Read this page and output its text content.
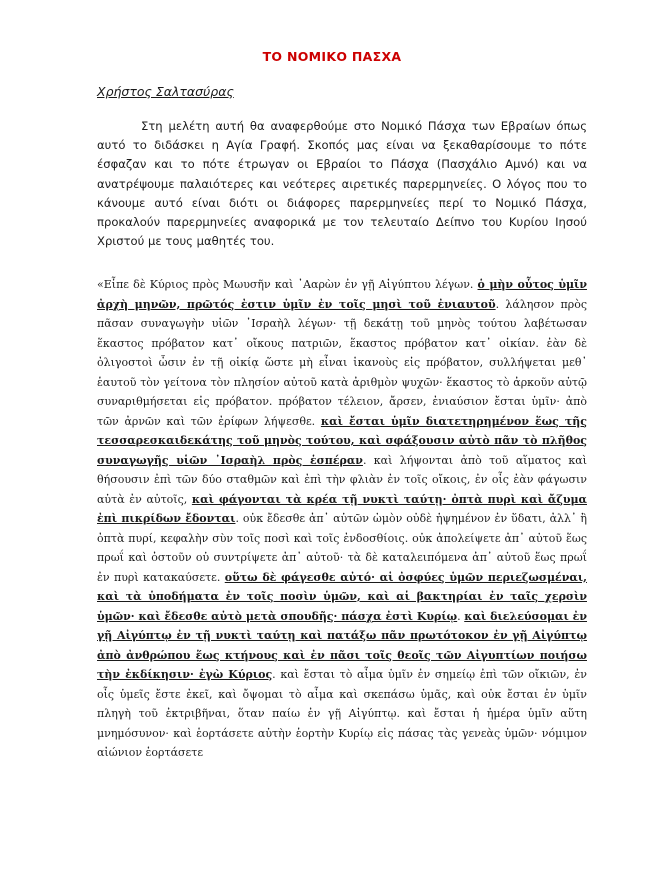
ΤΟ ΝΟΜΙΚΟ ΠΑΣΧΑ
Χρήστος Σαλτασύρας

Στη μελέτη αυτή θα αναφερθούμε στο Νομικό Πάσχα των Εβραίων όπως αυτό το διδάσκει η Αγία Γραφή. Σκοπός μας είναι να ξεκαθαρίσουμε το πότε έσφαζαν και το πότε έτρωγαν οι Εβραίοι το Πάσχα (Πασχάλιο Αμνό) και να ανατρέψουμε παλαιότερες και νεότερες αιρετικές παρερμηνείες. Ο λόγος που το κάνουμε αυτό είναι διότι οι διάφορες παρερμηνείες περί το Νομικό Πάσχα, προκαλούν παρερμηνείες αναφορικά με τον τελευταίο Δείπνο του Κυρίου Ιησού Χριστού με τους μαθητές του.

«Εἶπε δὲ Κύριος πρὸς Μωυσῆν καὶ ᾿Ααρὼν ἐν γῇ Αἰγύπτου λέγων. ὁ μὴν οὗτος ὑμῖν ἀρχὴ μηνῶν, πρῶτός ἐστιν ὑμῖν ἐν τοῖς μησὶ τοῦ ἐνιαυτοῦ. λάλησον πρὸς πᾶσαν συναγωγὴν υἱῶν ᾿Ισραὴλ λέγων· τῇ δεκάτῃ τοῦ μηνὸς τούτου λαβέτωσαν ἕκαστος πρόβατον κατ᾿ οἴκους πατριῶν, ἕκαστος πρόβατον κατ᾿ οἰκίαν. ἐὰν δὲ ὀλιγοστοὶ ὦσιν ἐν τῇ οἰκίᾳ ὥστε μὴ εἶναι ἱκανοὺς εἰς πρόβατον, συλλήψεται μεθ᾿ ἑαυτοῦ τὸν γείτονα τὸν πλησίον αὐτοῦ κατὰ ἀριθμὸν ψυχῶν· ἕκαστος τὸ ἀρκοῦν αὐτῷ συναριθμήσεται εἰς πρόβατον. πρόβατον τέλειον, ἄρσεν, ἐνιαύσιον ἔσται ὑμῖν· ἀπὸ τῶν ἀρνῶν καὶ τῶν ἐρίφων λήψεσθε. καὶ ἔσται ὑμῖν διατετηρημένον ἕως τῆς τεσσαρεσκαιδεκάτης τοῦ μηνὸς τούτου, καὶ σφάξουσιν αὐτὸ πᾶν τὸ πλῆθος συναγωγῆς υἱῶν ᾿Ισραὴλ πρὸς ἑσπέραν. καὶ λήψονται ἀπὸ τοῦ αἵματος καὶ θήσουσιν ἐπὶ τῶν δύο σταθμῶν καὶ ἐπὶ τὴν φλιὰν ἐν τοῖς οἴκοις, ἐν οἷς ἐὰν φάγωσιν αὐτὰ ἐν αὐτοῖς, καὶ φάγονται τὰ κρέα τῇ νυκτὶ ταύτῃ· ὀπτὰ πυρὶ καὶ ἄζυμα ἐπὶ πικρίδων ἔδονται. οὐκ ἔδεσθε ἀπ᾿ αὐτῶν ὠμὸν οὐδὲ ἡψημένον ἐν ὕδατι, ἀλλ᾿ ἢ ὀπτὰ πυρί, κεφαλὴν σὺν τοῖς ποσὶ καὶ τοῖς ἐνδοσθίοις. οὐκ ἀπολείψετε ἀπ᾿ αὐτοῦ ἕως πρωΐ καὶ ὀστοῦν οὐ συντρίψετε ἀπ᾿ αὐτοῦ· τὰ δὲ καταλειπόμενα ἀπ᾿ αὐτοῦ ἕως πρωΐ ἐν πυρὶ κατακαύσετε. οὕτω δὲ φάγεσθε αὐτό· αἱ ὀσφύες ὑμῶν περιεζωσμέναι, καὶ τὰ ὑποδήματα ἐν τοῖς ποσὶν ὑμῶν, καὶ αἱ βακτηρίαι ἐν ταῖς χερσὶν ὑμῶν· καὶ ἔδεσθε αὐτὸ μετὰ σπουδῆς· πάσχα ἐστὶ Κυρίῳ. καὶ διελεύσομαι ἐν γῇ Αἰγύπτῳ ἐν τῇ νυκτὶ ταύτῃ καὶ πατάξω πᾶν πρωτότοκον ἐν γῇ Αἰγύπτῳ ἀπὸ ἀνθρώπου ἕως κτήνους καὶ ἐν πᾶσι τοῖς θεοῖς τῶν Αἰγυπτίων ποιήσω τὴν ἐκδίκησιν· ἐγὼ Κύριος. καὶ ἔσται τὸ αἷμα ὑμῖν ἐν σημείῳ ἐπὶ τῶν οἴκιῶν, ἐν οἷς ὑμεῖς ἔστε ἐκεῖ, καὶ ὄψομαι τὸ αἷμα καὶ σκεπάσω ὑμᾶς, καὶ οὐκ ἔσται ἐν ὑμῖν πληγὴ τοῦ ἐκτριβῆναι, ὅταν παίω ἐν γῇ Αἰγύπτῳ. καὶ ἔσται ἡ ἡμέρα ὑμῖν αὕτη μνημόσυνον· καὶ ἑορτάσετε αὐτὴν ἑορτὴν Κυρίῳ εἰς πάσας τὰς γενεὰς ὑμῶν· νόμιμον αἰώνιον ἑορτάσετε
